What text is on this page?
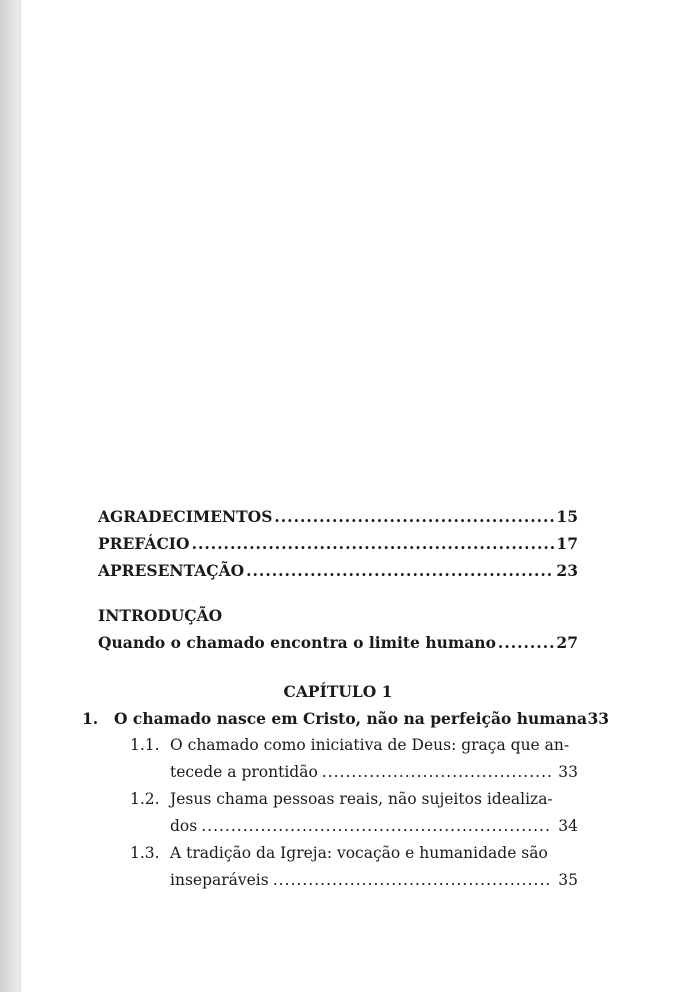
AGRADECIMENTOS .....	15
PREFÁCIO .....	17
APRESENTAÇÃO .....	23
INTRODUÇÃO
Quando o chamado encontra o limite humano .....	27
CAPÍTULO 1
1.	O chamado nasce em Cristo, não na perfeição humana 33
1.1. O chamado como iniciativa de Deus: graça que an-
tecede a prontidão .....	33
1.2. Jesus chama pessoas reais, não sujeitos idealiza-
dos .....	34
1.3. A tradição da Igreja: vocação e humanidade são
inseparáveis .....	35
